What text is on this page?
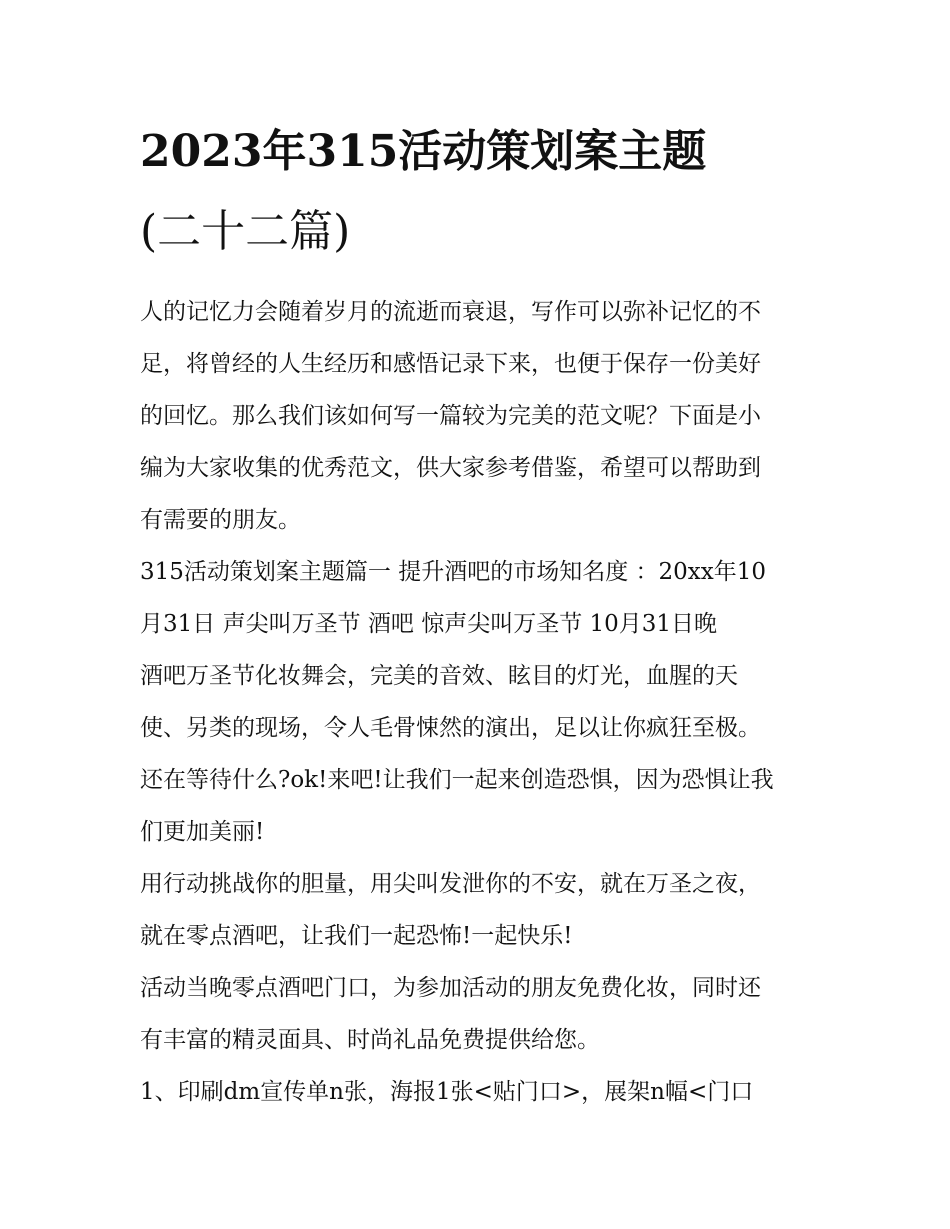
2023年315活动策划案主题
(二十二篇)
人的记忆力会随着岁月的流逝而衰退，写作可以弥补记忆的不
足，将曾经的人生经历和感悟记录下来，也便于保存一份美好
的回忆。那么我们该如何写一篇较为完美的范文呢？下面是小
编为大家收集的优秀范文，供大家参考借鉴，希望可以帮助到
有需要的朋友。
315活动策划案主题篇一 提升酒吧的市场知名度 ：20xx年10
月31日 声尖叫万圣节 酒吧 惊声尖叫万圣节 10月31日晚
酒吧万圣节化妆舞会，完美的音效、眩目的灯光，血腥的天
使、另类的现场，令人毛骨悚然的演出，足以让你疯狂至极。
还在等待什么?ok!来吧!让我们一起来创造恐惧，因为恐惧让我
们更加美丽!
用行动挑战你的胆量，用尖叫发泄你的不安，就在万圣之夜，
就在零点酒吧，让我们一起恐怖!一起快乐!
活动当晚零点酒吧门口，为参加活动的朋友免费化妆，同时还
有丰富的精灵面具、时尚礼品免费提供给您。
1、印刷dm宣传单n张，海报1张<贴门口>，展架n幅<门口
